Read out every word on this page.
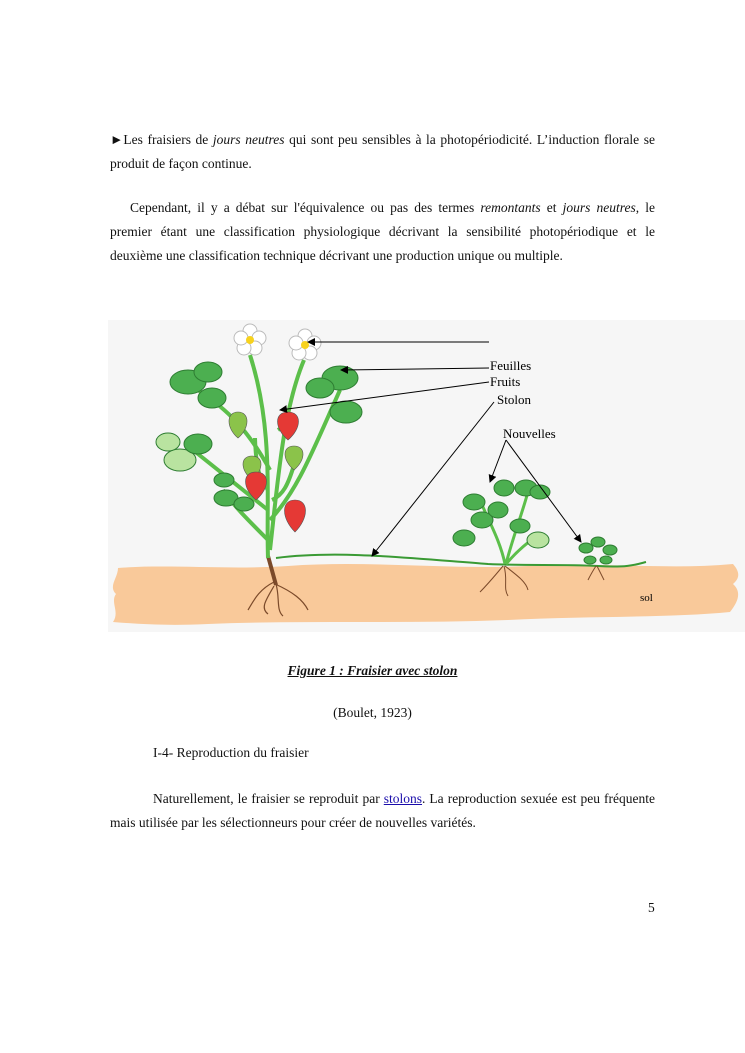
►Les fraisiers de jours neutres qui sont peu sensibles à la photopériodicité. L’induction florale se produit de façon continue.
Cependant, il y a débat sur l'équivalence ou pas des termes remontants et jours neutres, le premier étant une classification physiologique décrivant la sensibilité photopériodique et le deuxième une classification technique décrivant une production unique ou multiple.
sol
Feuilles
Fruits
Stolon
Nouvelles
Figure 1 : Fraisier avec stolon
(Boulet, 1923)
I-4- Reproduction du fraisier
Naturellement, le fraisier se reproduit par stolons. La reproduction sexuée est peu fréquente mais utilisée par les sélectionneurs pour créer de nouvelles variétés.
5
